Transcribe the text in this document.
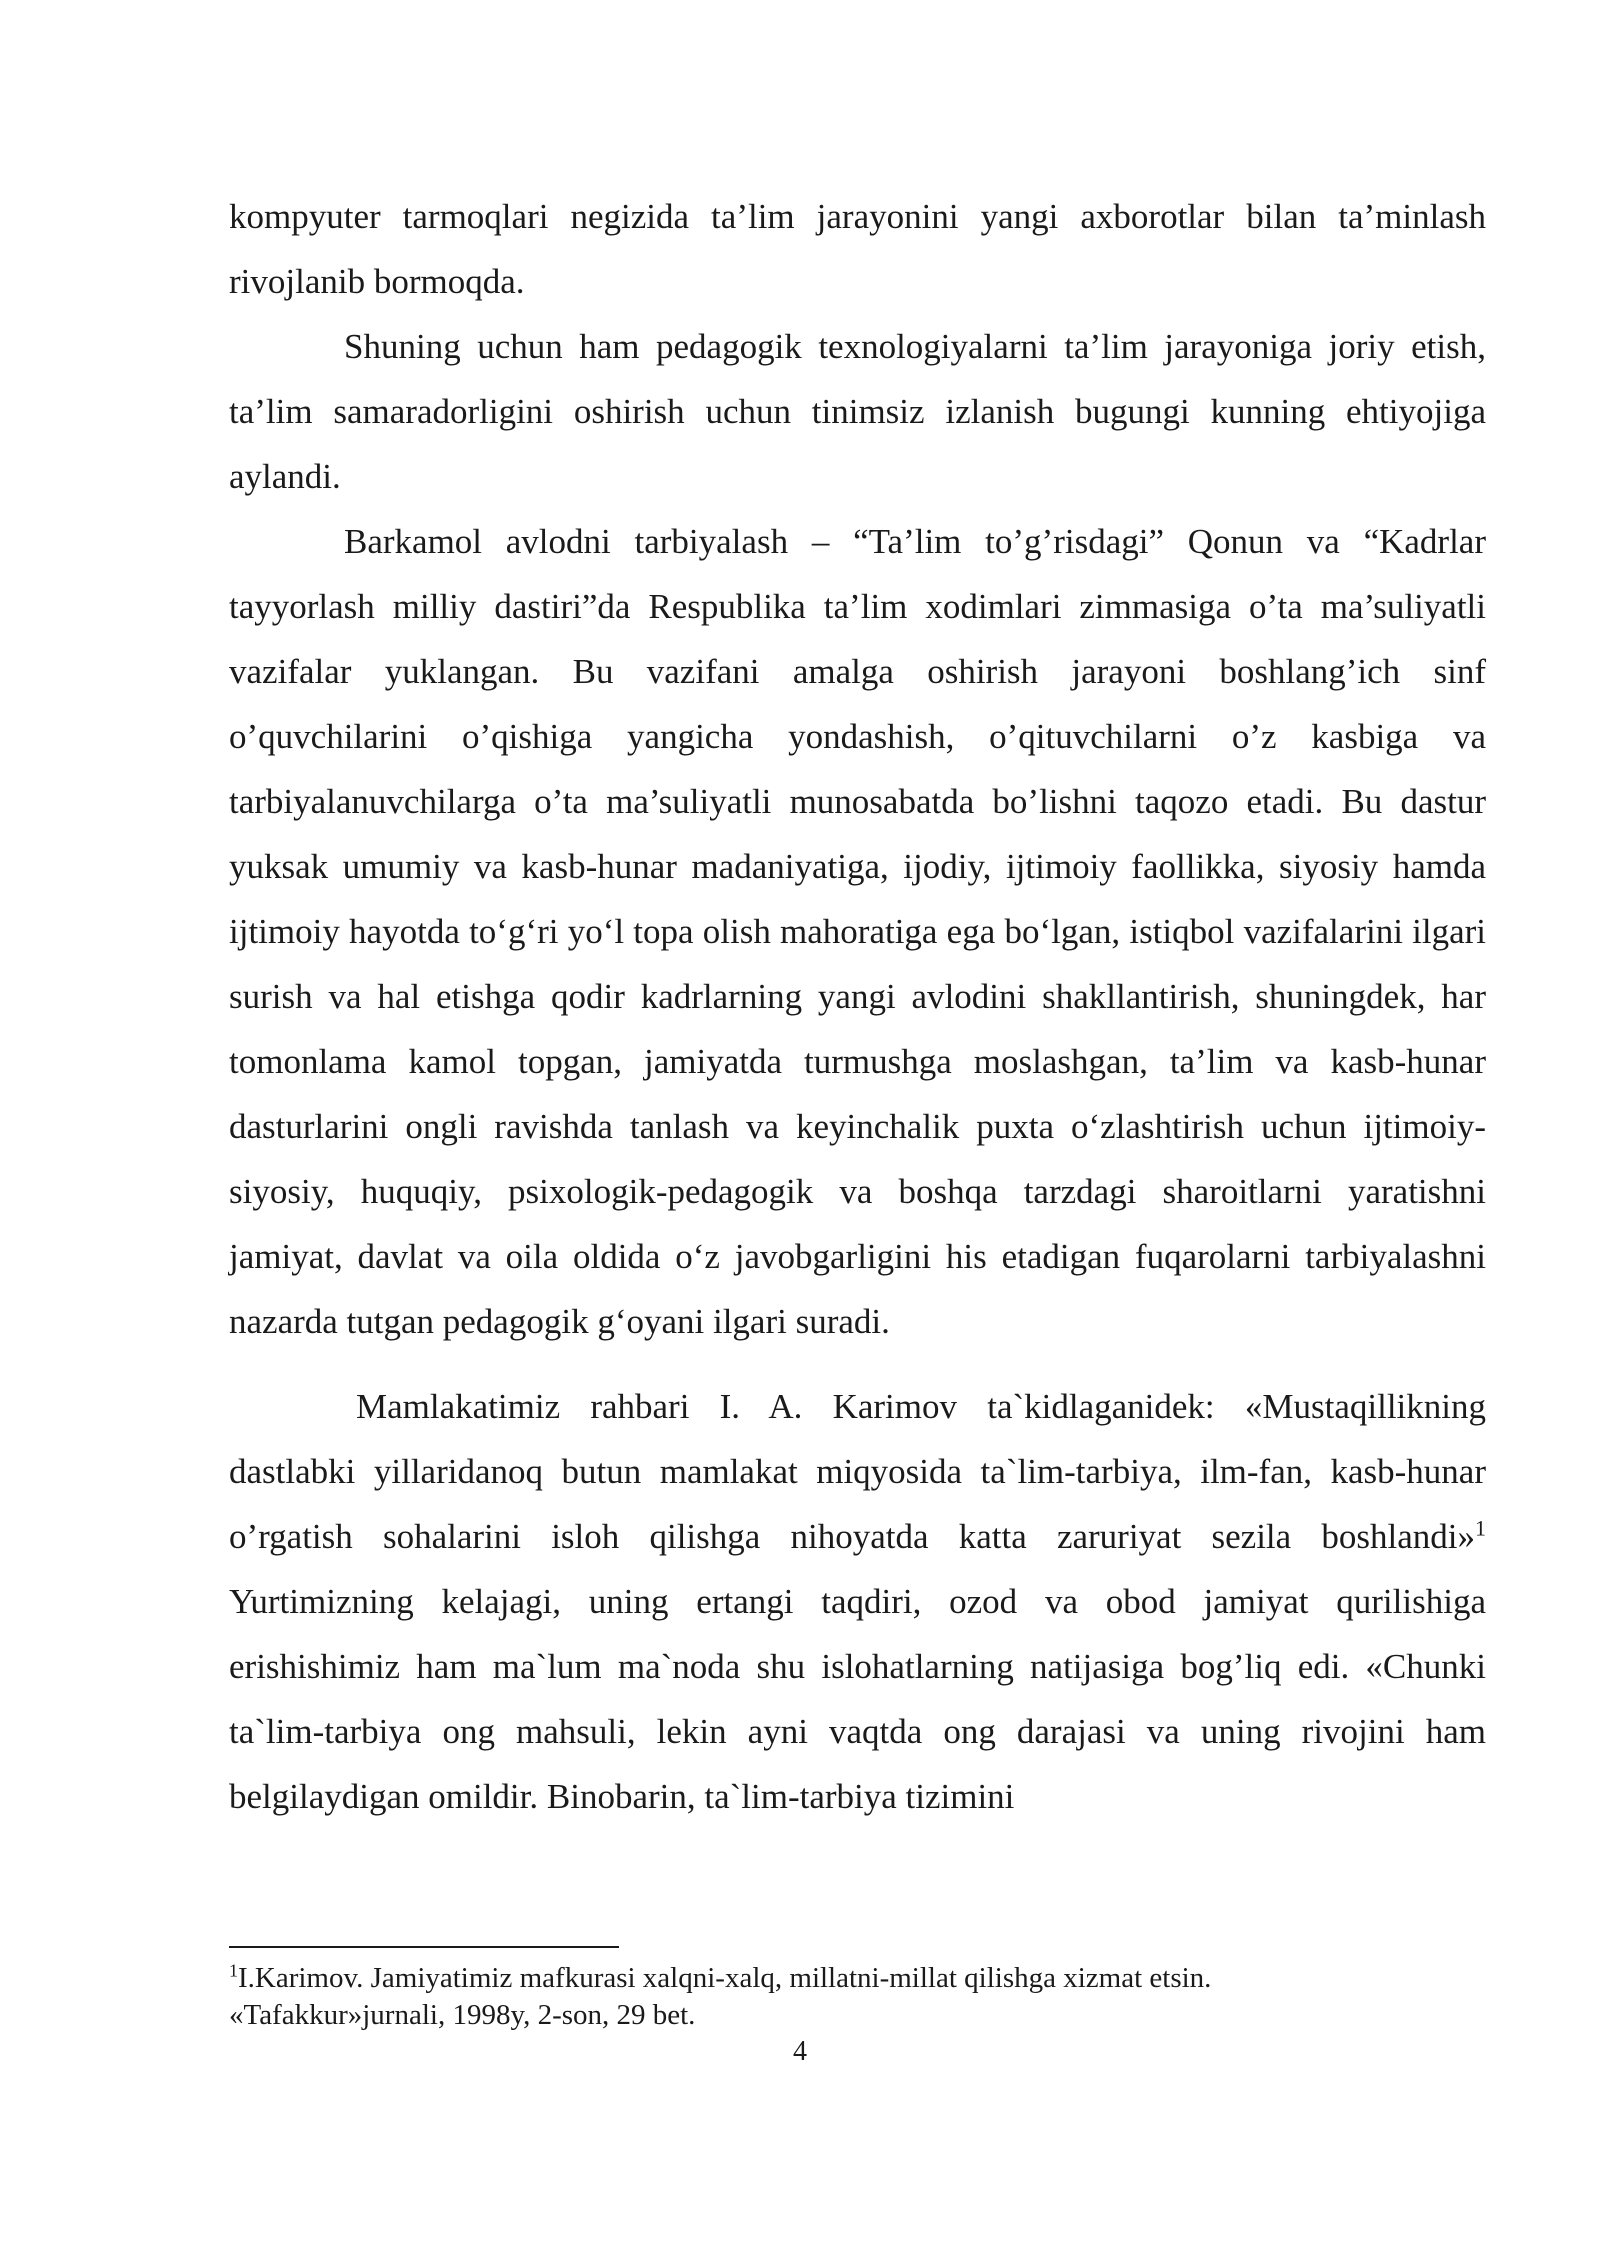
kompyuter tarmoqlari negizida ta’lim jarayonini yangi axborotlar bilan ta’minlash rivojlanib bormoqda.

Shuning uchun ham pedagogik texnologiyalarni ta’lim jarayoniga joriy etish, ta’lim samaradorligini oshirish uchun tinimsiz izlanish bugungi kunning ehtiyojiga aylandi.

Barkamol avlodni tarbiyalash – “Ta’lim to’g’risdagi” Qonun va “Kadrlar tayyorlash milliy dastiri”da Respublika ta’lim xodimlari zimmasiga o’ta ma’suliyatli vazifalar yuklangan. Bu vazifani amalga oshirish jarayoni boshlang’ich sinf o’quvchilarini o’qishiga yangicha yondashish, o’qituvchilarni o’z kasbiga va tarbiyalanuvchilarga o’ta ma’suliyatli munosabatda bo’lishni taqozo etadi. Bu dastur yuksak umumiy va kasb-hunar madaniyatiga, ijodiy, ijtimoiy faollikka, siyosiy hamda ijtimoiy hayotda to‘g‘ri yo‘l topa olish mahoratiga ega bo‘lgan, istiqbol vazifalarini ilgari surish va hal etishga qodir kadrlarning yangi avlodini shakllantirish, shuningdek, har tomonlama kamol topgan, jamiyatda turmushga moslashgan, ta’lim va kasb-hunar dasturlarini ongli ravishda tanlash va keyinchalik puxta o‘zlashtirish uchun ijtimoiy-siyosiy, huquqiy, psixologik-pedagogik va boshqa tarzdagi sharoitlarni yaratishni jamiyat, davlat va oila oldida o‘z javobgarligini his etadigan fuqarolarni tarbiyalashni nazarda tutgan pedagogik g‘oyani ilgari suradi.

Mamlakatimiz rahbari I. A. Karimov ta`kidlaganidek: «Mustaqillikning dastlabki yillaridanoq butun mamlakat miqyosida ta`lim-tarbiya, ilm-fan, kasb-hunar o’rgatish sohalarini isloh qilishga nihoyatda katta zaruriyat sezila boshlandi»$^1$ Yurtimizning kelajagi, uning ertangi taqdiri, ozod va obod jamiyat qurilishiga erishishimiz ham ma`lum ma`noda shu islohatlarning natijasiga bog’liq edi. «Chunki ta`lim-tarbiya ong mahsuli, lekin ayni vaqtda ong darajasi va uning rivojini ham belgilaydigan omildir. Binobarin, ta`lim-tarbiya tizimini

$^1$I.Karimov. Jamiyatimiz mafkurasi xalqni-xalq, millatni-millat qilishga xizmat etsin.
«Tafakkur»jurnali, 1998y, 2-son, 29 bet.
4
